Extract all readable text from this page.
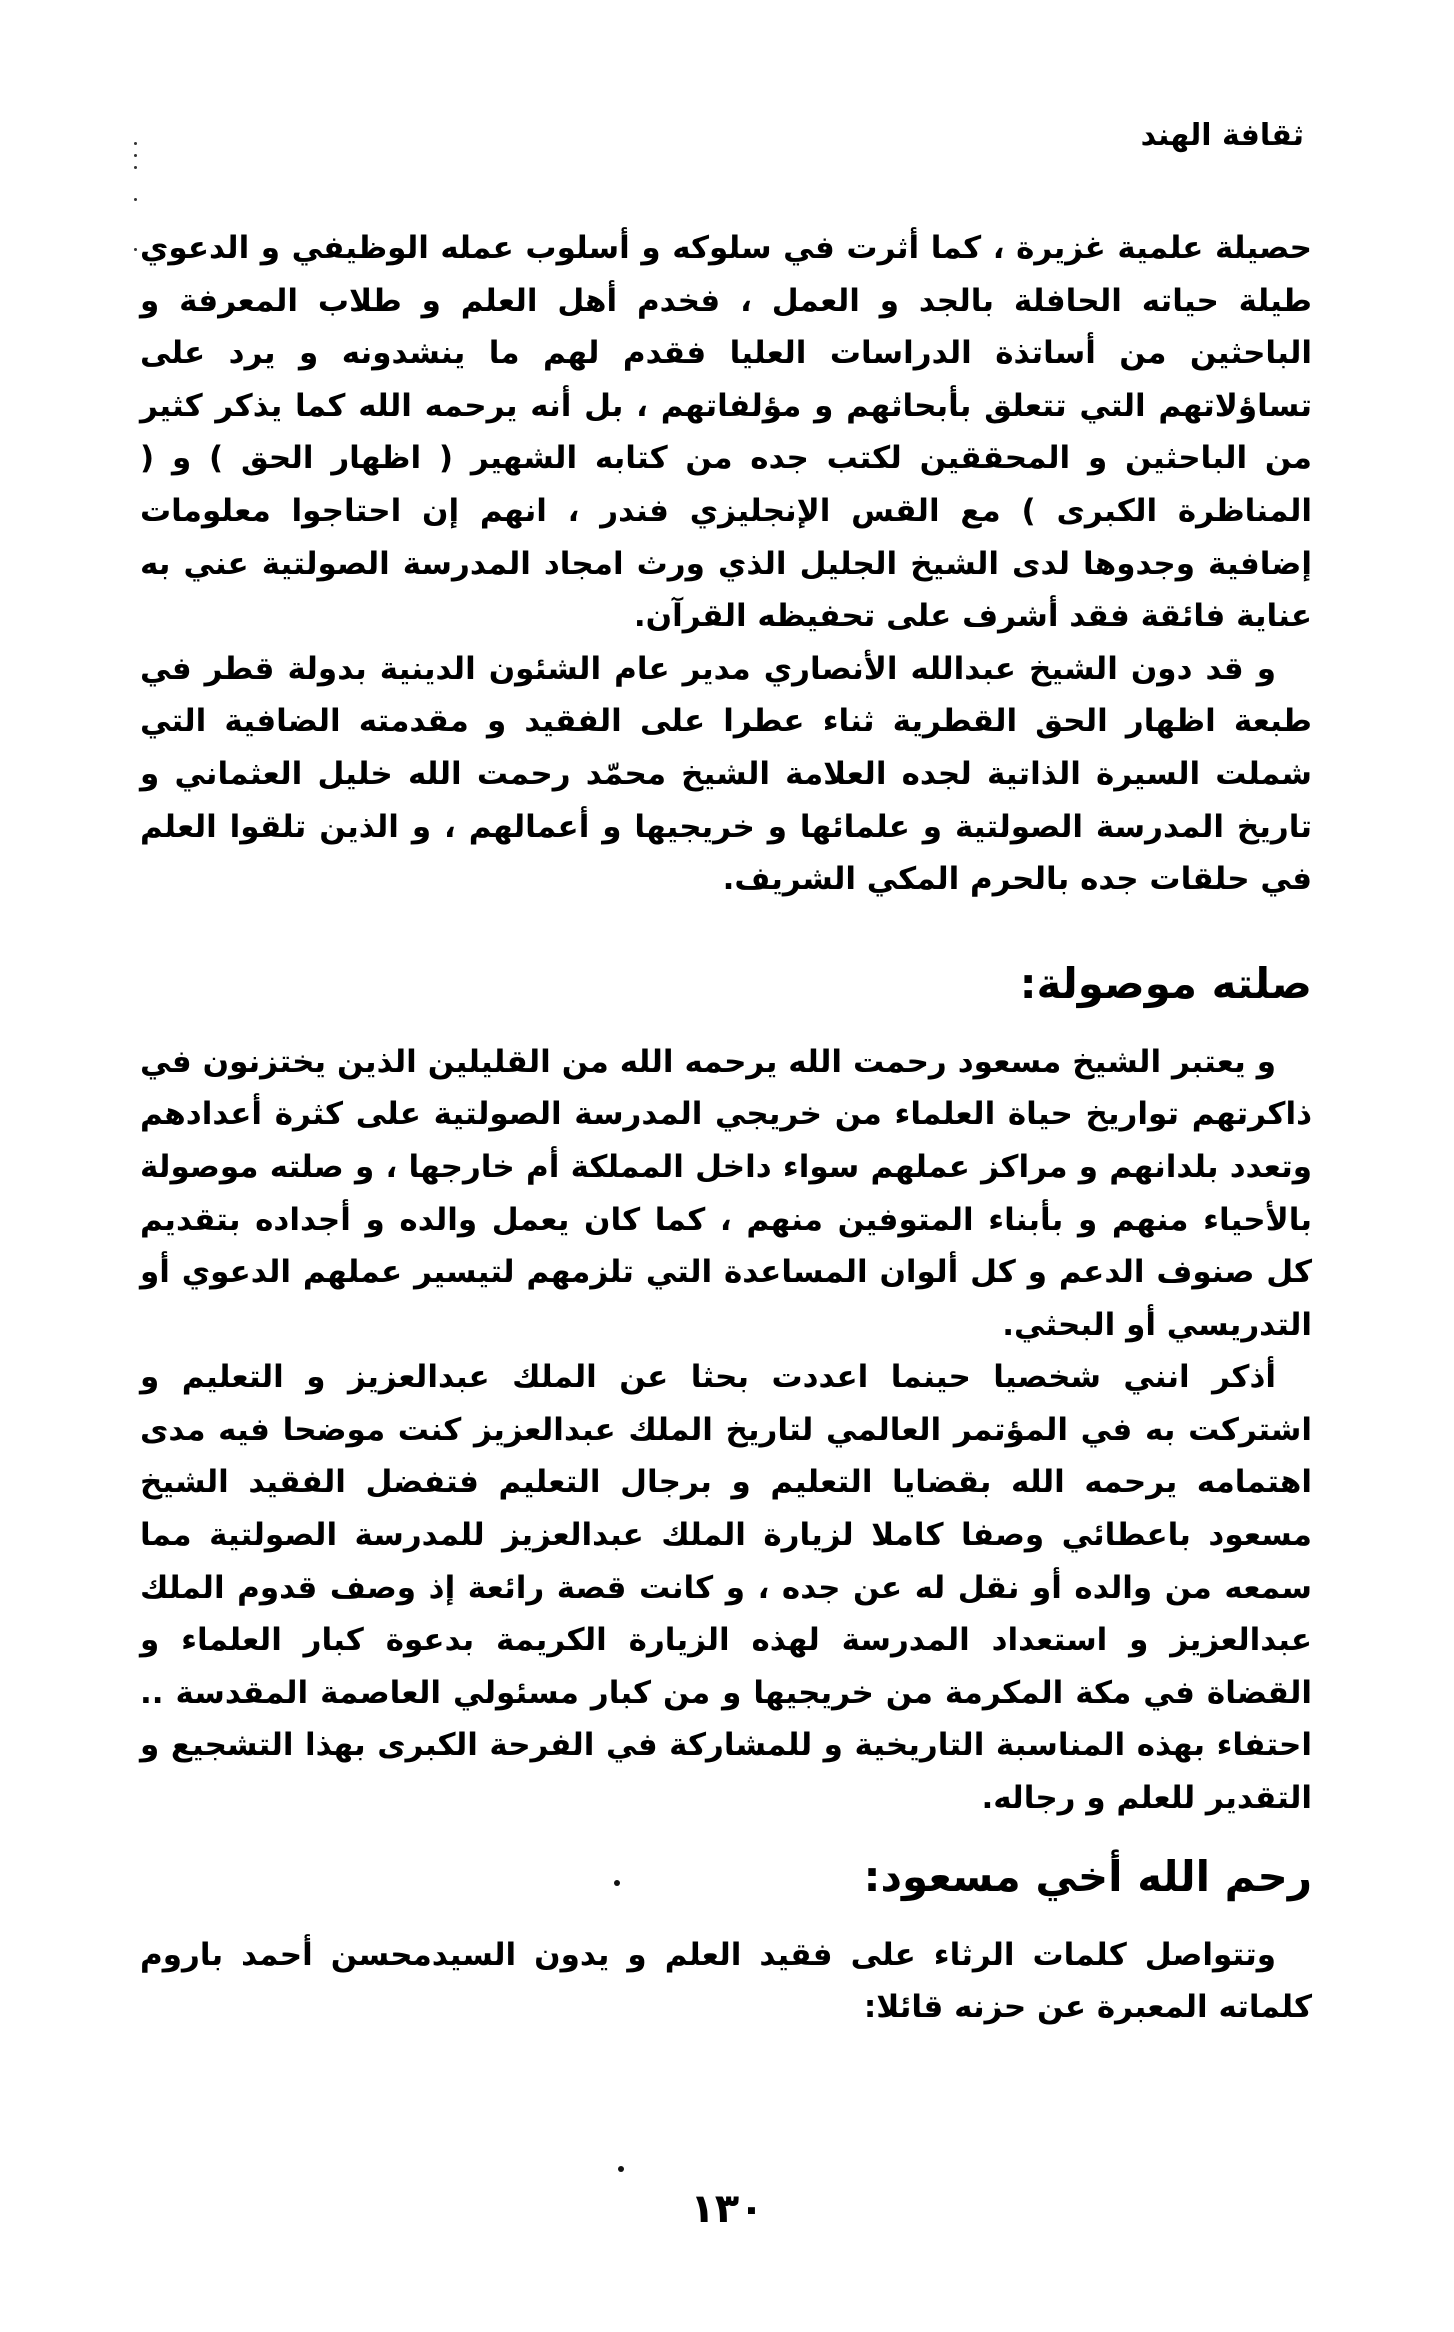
ثقافة الهند

حصيلة علمية غزيرة ، كما أثرت في سلوكه و أسلوب عمله الوظيفي و الدعوي طيلة حياته الحافلة بالجد و العمل ، فخدم أهل العلم و طلاب المعرفة و الباحثين من أساتذة الدراسات العليا فقدم لهم ما ينشدونه و يرد على تساؤلاتهم التي تتعلق بأبحاثهم و مؤلفاتهم ، بل أنه يرحمه الله كما يذكر كثير من الباحثين و المحققين لكتب جده من كتابه الشهير ( اظهار الحق ) و ( المناظرة الكبرى ) مع القس الإنجليزي فندر ، انهم إن احتاجوا معلومات إضافية وجدوها لدى الشيخ الجليل الذي ورث امجاد المدرسة الصولتية عني به عناية فائقة فقد أشرف على تحفيظه القرآن.

و قد دون الشيخ عبدالله الأنصاري مدير عام الشئون الدينية بدولة قطر في طبعة اظهار الحق القطرية ثناء عطرا على الفقيد و مقدمته الضافية التي شملت السيرة الذاتية لجده العلامة الشيخ محمّد رحمت الله خليل العثماني و تاريخ المدرسة الصولتية و علمائها و خريجيها و أعمالهم ، و الذين تلقوا العلم في حلقات جده بالحرم المكي الشريف.

صلته موصولة:

و يعتبر الشيخ مسعود رحمت الله يرحمه الله من القليلين الذين يختزنون في ذاكرتهم تواريخ حياة العلماء من خريجي المدرسة الصولتية على كثرة أعدادهم وتعدد بلدانهم و مراكز عملهم سواء داخل المملكة أم خارجها ، و صلته موصولة بالأحياء منهم و بأبناء المتوفين منهم ، كما كان يعمل والده و أجداده بتقديم كل صنوف الدعم و كل ألوان المساعدة التي تلزمهم لتيسير عملهم الدعوي أو التدريسي أو البحثي.

أذكر انني شخصيا حينما اعددت بحثا عن الملك عبدالعزيز و التعليم و اشتركت به في المؤتمر العالمي لتاريخ الملك عبدالعزيز كنت موضحا فيه مدى اهتمامه يرحمه الله بقضايا التعليم و برجال التعليم فتفضل الفقيد الشيخ مسعود باعطائي وصفا كاملا لزيارة الملك عبدالعزيز للمدرسة الصولتية مما سمعه من والده أو نقل له عن جده ، و كانت قصة رائعة إذ وصف قدوم الملك عبدالعزيز و استعداد المدرسة لهذه الزيارة الكريمة بدعوة كبار العلماء و القضاة في مكة المكرمة من خريجيها و من كبار مسئولي العاصمة المقدسة .. احتفاء بهذه المناسبة التاريخية و للمشاركة في الفرحة الكبرى بهذا التشجيع و التقدير للعلم و رجاله.

رحم الله أخي مسعود:

وتتواصل كلمات الرثاء على فقيد العلم و يدون السيدمحسن أحمد باروم كلماته المعبرة عن حزنه قائلا:

١٣٠
